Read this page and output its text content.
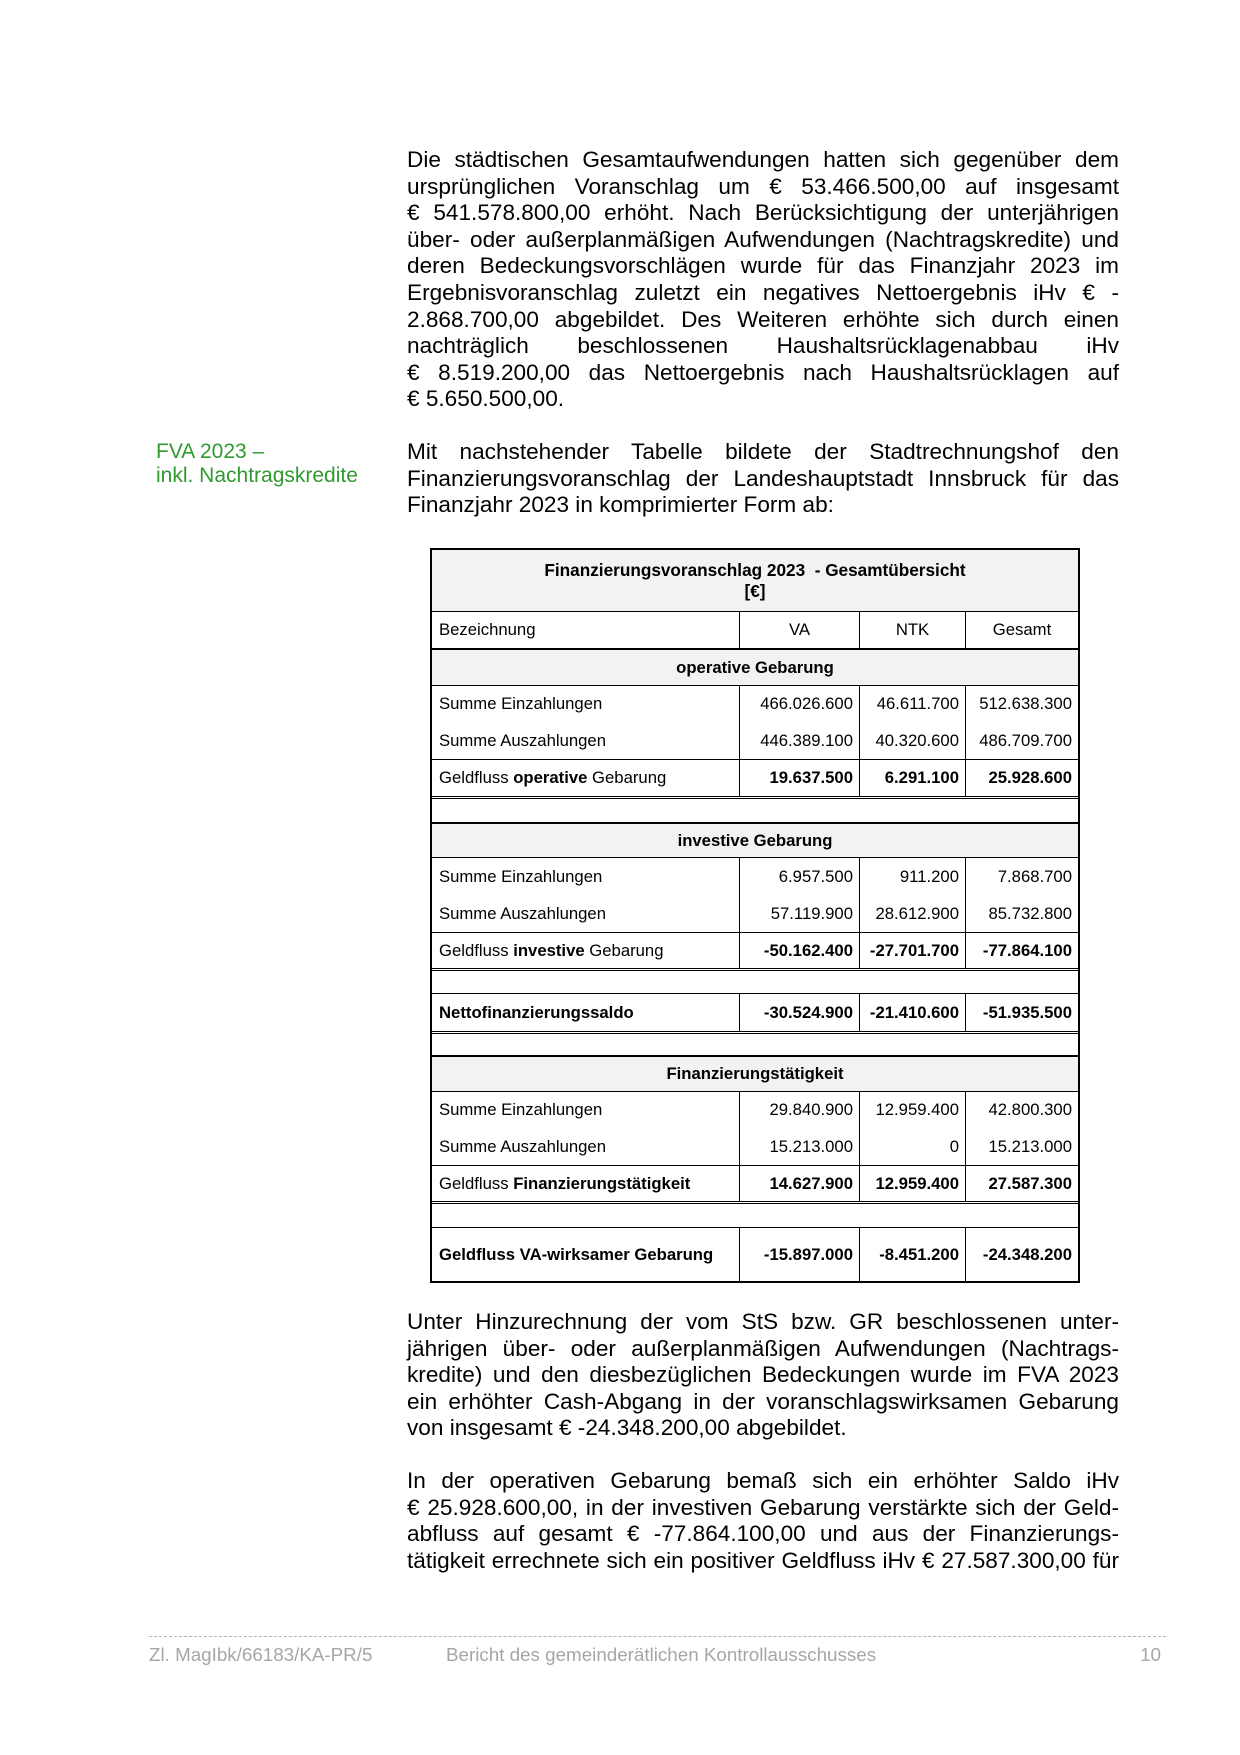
Die städtischen Gesamtaufwendungen hatten sich gegenüber dem
ursprünglichen Voranschlag um € 53.466.500,00 auf insgesamt
€ 541.578.800,00 erhöht. Nach Berücksichtigung der unterjährigen
über- oder außerplanmäßigen Aufwendungen (Nachtragskredite) und
deren Bedeckungsvorschlägen wurde für das Finanzjahr 2023 im
Ergebnisvoranschlag zuletzt ein negatives Nettoergebnis iHv € -
2.868.700,00 abgebildet. Des Weiteren erhöhte sich durch einen
nachträglich beschlossenen Haushaltsrücklagenabbau iHv
€ 8.519.200,00 das Nettoergebnis nach Haushaltsrücklagen auf
€ 5.650.500,00.
FVA 2023 –
inkl. Nachtragskredite
Mit nachstehender Tabelle bildete der Stadtrechnungshof den
Finanzierungsvoranschlag der Landeshauptstadt Innsbruck für das
Finanzjahr 2023 in komprimierter Form ab:
Finanzierungsvoranschlag 2023  - Gesamtübersicht
[€]
Bezeichnung	VA	NTK	Gesamt
operative Gebarung
Summe Einzahlungen	466.026.600 46.611.700 512.638.300
Summe Auszahlungen	446.389.100 40.320.600 486.709.700
Geldfluss operative Gebarung	19.637.500 6.291.100 25.928.600
investive Gebarung
Summe Einzahlungen	6.957.500	911.200 7.868.700
Summe Auszahlungen	57.119.900 28.612.900 85.732.800
Geldfluss investive Gebarung	-50.162.400 -27.701.700 -77.864.100
Nettofinanzierungssaldo	-30.524.900 -21.410.600 -51.935.500
Finanzierungstätigkeit
Summe Einzahlungen	29.840.900 12.959.400 42.800.300
Summe Auszahlungen	15.213.000	0 15.213.000
Geldfluss Finanzierungstätigkeit	14.627.900 12.959.400 27.587.300
Geldfluss VA-wirksamer Gebarung	-15.897.000 -8.451.200 -24.348.200
Unter Hinzurechnung der vom StS bzw. GR beschlossenen unter-
jährigen über- oder außerplanmäßigen Aufwendungen (Nachtrags-
kredite) und den diesbezüglichen Bedeckungen wurde im FVA 2023
ein erhöhter Cash-Abgang in der voranschlagswirksamen Gebarung
von insgesamt € -24.348.200,00 abgebildet.
In der operativen Gebarung bemaß sich ein erhöhter Saldo iHv
€ 25.928.600,00, in der investiven Gebarung verstärkte sich der Geld-
abfluss auf gesamt € -77.864.100,00 und aus der Finanzierungs-
tätigkeit errechnete sich ein positiver Geldfluss iHv € 27.587.300,00 für
Zl. MagIbk/66183/KA-PR/5	Bericht des gemeinderätlichen Kontrollausschusses	10
